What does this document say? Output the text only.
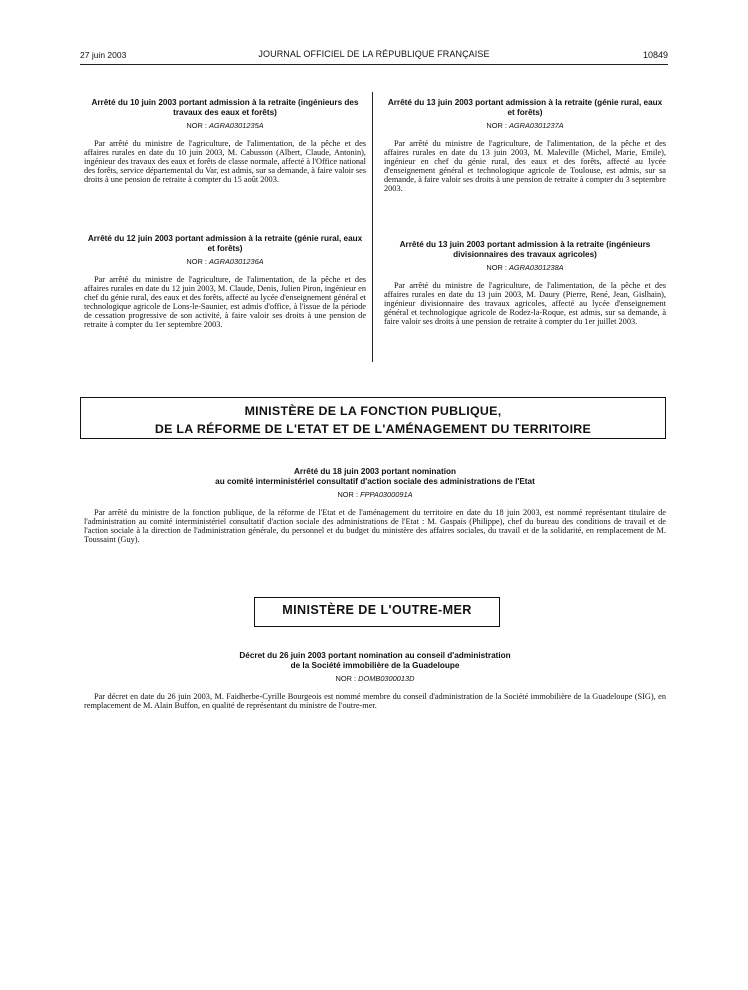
27 juin 2003	JOURNAL OFFICIEL DE LA RÉPUBLIQUE FRANÇAISE	10849

Arrêté du 10 juin 2003 portant admission à la retraite (ingénieurs des travaux des eaux et forêts)

NOR : AGRA0301235A

Par arrêté du ministre de l'agriculture, de l'alimentation, de la pêche et des affaires rurales en date du 10 juin 2003, M. Cabusson (Albert, Claude, Antonin), ingénieur des travaux des eaux et forêts de classe normale, affecté à l'Office national des forêts, service départemental du Var, est admis, sur sa demande, à faire valoir ses droits à une pension de retraite à compter du 15 août 2003.

Arrêté du 12 juin 2003 portant admission à la retraite (génie rural, eaux et forêts)

NOR : AGRA0301236A

Par arrêté du ministre de l'agriculture, de l'alimentation, de la pêche et des affaires rurales en date du 12 juin 2003, M. Claude, Denis, Julien Piron, ingénieur en chef du génie rural, des eaux et des forêts, affecté au lycée d'enseignement général et technologique agricole de Lons-le-Saunier, est admis d'office, à l'issue de la période de cessation progressive de son activité, à faire valoir ses droits à une pension de retraite à compter du 1er septembre 2003.

Arrêté du 13 juin 2003 portant admission à la retraite (génie rural, eaux et forêts)

NOR : AGRA0301237A

Par arrêté du ministre de l'agriculture, de l'alimentation, de la pêche et des affaires rurales en date du 13 juin 2003, M. Maleville (Michel, Marie, Emile), ingénieur en chef du génie rural, des eaux et des forêts, affecté au lycée d'enseignement général et technologique agricole de Toulouse, est admis, sur sa demande, à faire valoir ses droits à une pension de retraite à compter du 3 septembre 2003.

Arrêté du 13 juin 2003 portant admission à la retraite (ingénieurs divisionnaires des travaux agricoles)

NOR : AGRA0301238A

Par arrêté du ministre de l'agriculture, de l'alimentation, de la pêche et des affaires rurales en date du 13 juin 2003, M. Daury (Pierre, René, Jean, Gislhain), ingénieur divisionnaire des travaux agricoles, affecté au lycée d'enseignement général et technologique agricole de Rodez-la-Roque, est admis, sur sa demande, à faire valoir ses droits à une pension de retraite à compter du 1er juillet 2003.

MINISTÈRE DE LA FONCTION PUBLIQUE,
DE LA RÉFORME DE L'ETAT ET DE L'AMÉNAGEMENT DU TERRITOIRE

Arrêté du 18 juin 2003 portant nomination

au comité interministériel consultatif d'action sociale des administrations de l'Etat

NOR : FPPA0300091A

Par arrêté du ministre de la fonction publique, de la réforme de l'Etat et de l'aménagement du territoire en date du 18 juin 2003, est nommé représentant titulaire de l'administration au comité interministériel consultatif d'action sociale des administrations de l'Etat : M. Gaspais (Philippe), chef du bureau des conditions de travail et de l'action sociale à la direction de l'administration générale, du personnel et du budget du ministère des affaires sociales, du travail et de la solidarité, en remplacement de M. Toussaint (Guy).

MINISTÈRE DE L'OUTRE-MER

Décret du 26 juin 2003 portant nomination au conseil d'administration

de la Société immobilière de la Guadeloupe

NOR : DOMB0300013D

Par décret en date du 26 juin 2003, M. Faidherbe-Cyrille Bourgeois est nommé membre du conseil d'administration de la Société immobilière de la Guadeloupe (SIG), en remplacement de M. Alain Buffon, en qualité de représentant du ministre de l'outre-mer.
